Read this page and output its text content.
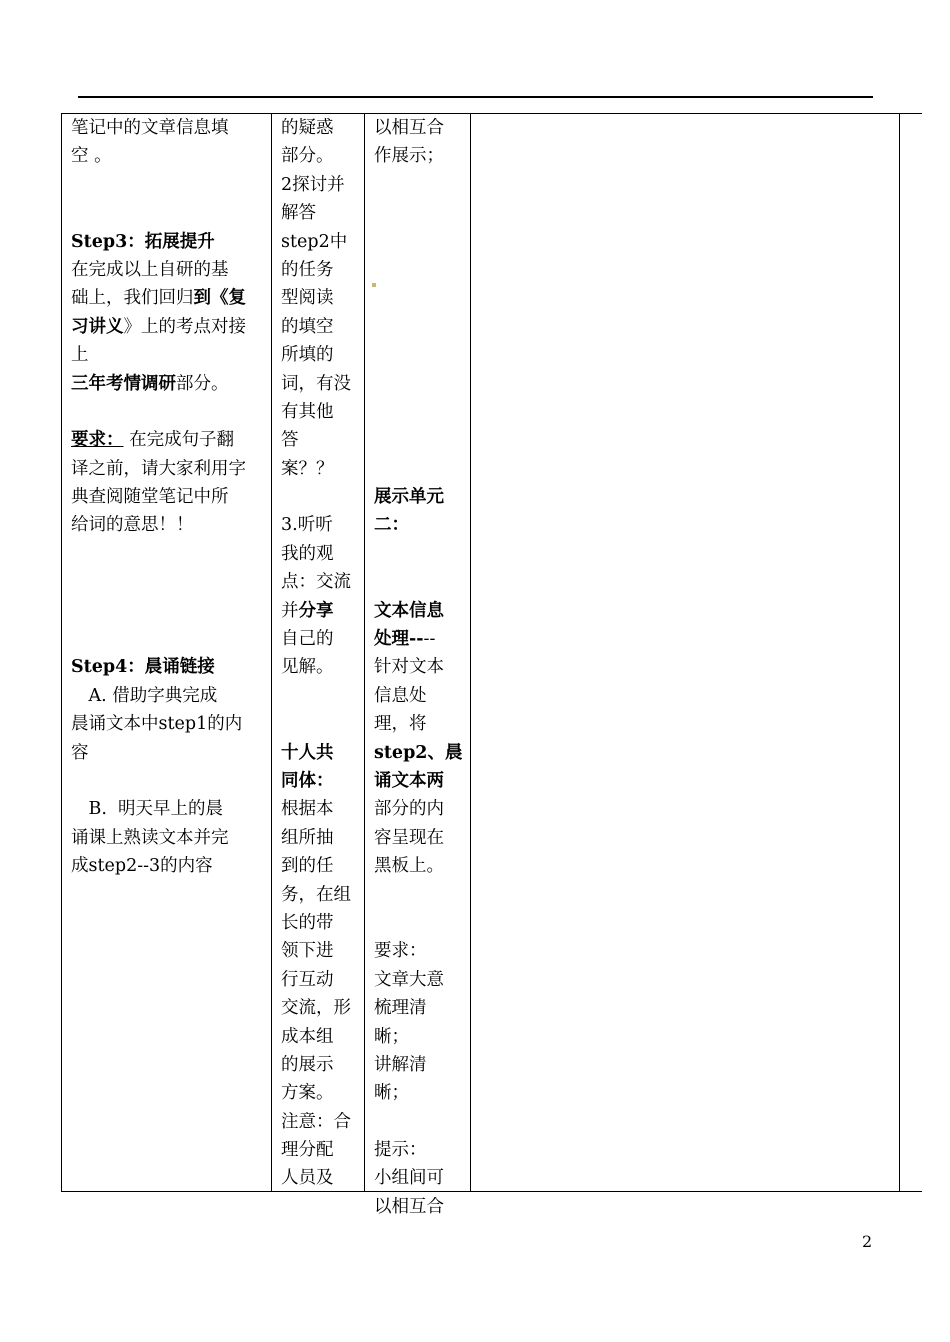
笔记中的文章信息填
空 。
Step3：拓展提升
在完成以上自研的基
础上，我们回归到《复
习讲义》上的考点对接
上
三年考情调研部分。
要求： 在完成句子翻
译之前，请大家利用字
典查阅随堂笔记中所
给词的意思！！
Step4：晨诵链接
　A. 借助字典完成
晨诵文本中step1的内
容
　B.  明天早上的晨
诵课上熟读文本并完
成step2--3的内容
的疑惑
部分。
2探讨并
解答
step2中
的任务
型阅读
的填空
所填的
词，有没
有其他
答
案？？
3.听听
我的观
点：交流
并分享
自己的
见解。
十人共
同体：
根据本
组所抽
到的任
务，在组
长的带
领下进
行互动
交流，形
成本组
的展示
方案。
注意：合
理分配
人员及
以相互合
作展示；
展示单元
二：
文本信息
处理----
针对文本
信息处
理，将
step2、晨
诵文本两
部分的内
容呈现在
黑板上。
要求：
文章大意
梳理清
晰；
讲解清
晰；
提示：
小组间可
以相互合
2
